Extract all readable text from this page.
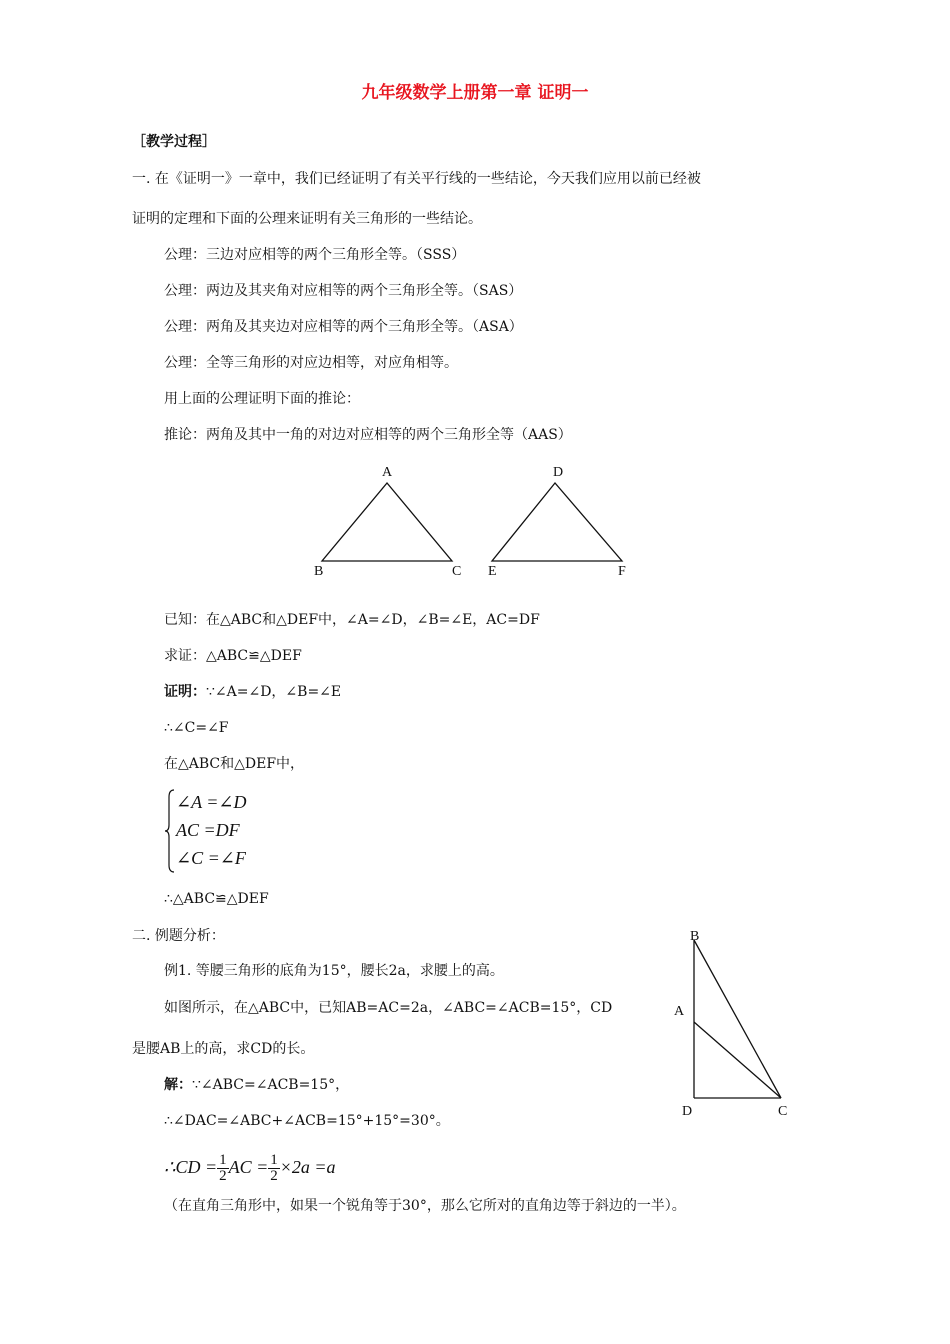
九年级数学上册第一章 证明一
［教学过程］
一. 在《证明一》一章中，我们已经证明了有关平行线的一些结论，今天我们应用以前已经被
证明的定理和下面的公理来证明有关三角形的一些结论。
公理：三边对应相等的两个三角形全等。（SSS）
公理：两边及其夹角对应相等的两个三角形全等。（SAS）
公理：两角及其夹边对应相等的两个三角形全等。（ASA）
公理：全等三角形的对应边相等，对应角相等。
用上面的公理证明下面的推论：
推论：两角及其中一角的对边对应相等的两个三角形全等（AAS）
A
B	C
D
E	F
已知：在△ABC和△DEF中，∠A=∠D，∠B=∠E，AC=DF
求证：△ABC≌△DEF
证明：∵∠A=∠D，∠B=∠E
∴∠C=∠F
在△ABC和△DEF中，
∠A =∠D
AC =DF
∠C =∠F
∴△ABC≌△DEF
二. 例题分析：
例1. 等腰三角形的底角为15°，腰长2a，求腰上的高。
如图所示，在△ABC中，已知AB=AC=2a，∠ABC=∠ACB=15°，CD
是腰AB上的高，求CD的长。
解：∵∠ABC=∠ACB=15°，
∴∠DAC=∠ABC+∠ACB=15°+15°=30°。
∴CD = $\frac{1}{2}$ AC = $\frac{1}{2} \times 2a =a$
（在直角三角形中，如果一个锐角等于30°，那么它所对的直角边等于斜边的一半）。
B
A
D	C
